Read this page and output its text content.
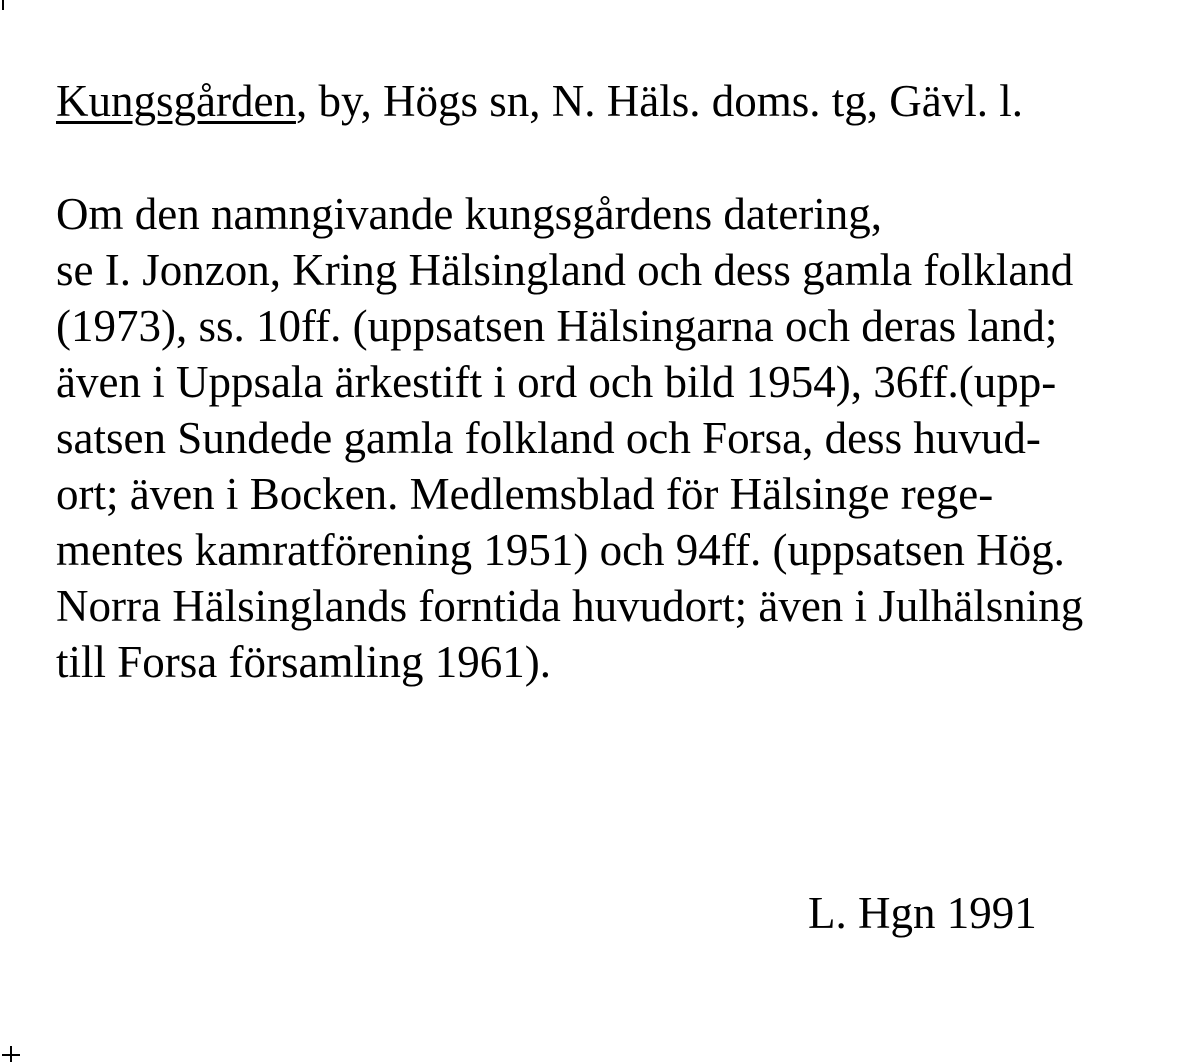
Kungsgården, by, Högs sn, N. Häls. doms. tg, Gävl. l.
Om den namngivande kungsgårdens datering,
se I. Jonzon, Kring Hälsingland och dess gamla folkland
(1973), ss. 10ff. (uppsatsen Hälsingarna och deras land;
även i Uppsala ärkestift i ord och bild 1954), 36ff.(upp-
satsen Sundede gamla folkland och Forsa, dess huvud-
ort; även i Bocken. Medlemsblad för Hälsinge rege-
mentes kamratförening 1951) och 94ff. (uppsatsen Hög.
Norra Hälsinglands forntida huvudort; även i Julhälsning
till Forsa församling 1961).
L. Hgn 1991
